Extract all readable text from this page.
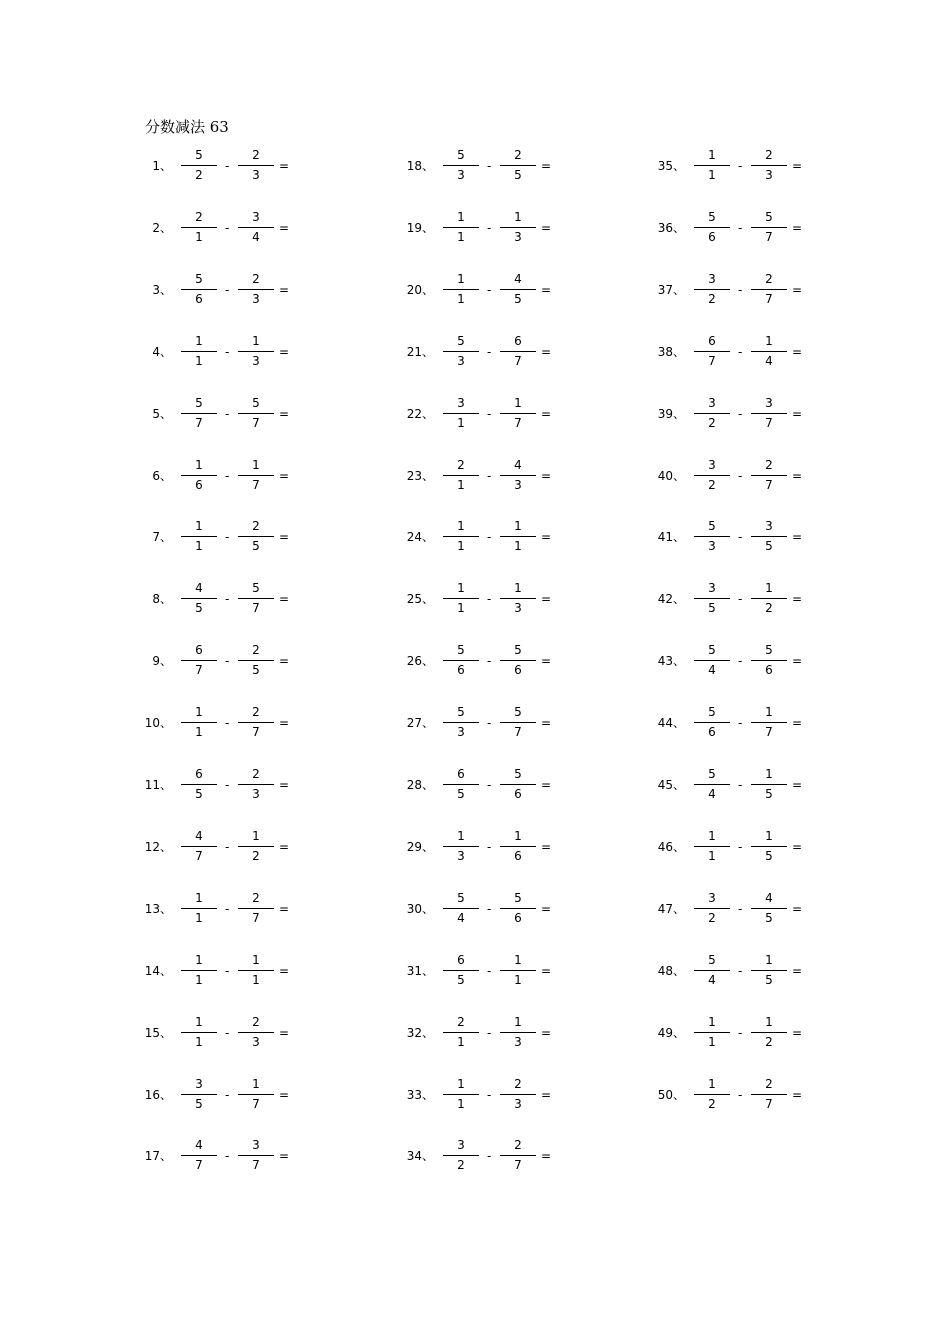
分数减法 63
1、
5
2
-
2
3
=
2、
2
1
-
3
4
=
3、
5
6
-
2
3
=
4、
1
1
-
1
3
=
5、
5
7
-
5
7
=
6、
1
6
-
1
7
=
7、
1
1
-
2
5
=
8、
4
5
-
5
7
=
9、
6
7
-
2
5
=
10、
1
1
-
2
7
=
11、
6
5
-
2
3
=
12、
4
7
-
1
2
=
13、
1
1
-
2
7
=
14、
1
1
-
1
1
=
15、
1
1
-
2
3
=
16、
3
5
-
1
7
=
17、
4
7
-
3
7
=
18、
5
3
-
2
5
=
19、
1
1
-
1
3
=
20、
1
1
-
4
5
=
21、
5
3
-
6
7
=
22、
3
1
-
1
7
=
23、
2
1
-
4
3
=
24、
1
1
-
1
1
=
25、
1
1
-
1
3
=
26、
5
6
-
5
6
=
27、
5
3
-
5
7
=
28、
6
5
-
5
6
=
29、
1
3
-
1
6
=
30、
5
4
-
5
6
=
31、
6
5
-
1
1
=
32、
2
1
-
1
3
=
33、
1
1
-
2
3
=
34、
3
2
-
2
7
=
35、
1
1
-
2
3
=
36、
5
6
-
5
7
=
37、
3
2
-
2
7
=
38、
6
7
-
1
4
=
39、
3
2
-
3
7
=
40、
3
2
-
2
7
=
41、
5
3
-
3
5
=
42、
3
5
-
1
2
=
43、
5
4
-
5
6
=
44、
5
6
-
1
7
=
45、
5
4
-
1
5
=
46、
1
1
-
1
5
=
47、
3
2
-
4
5
=
48、
5
4
-
1
5
=
49、
1
1
-
1
2
=
50、
1
2
-
2
7
=
